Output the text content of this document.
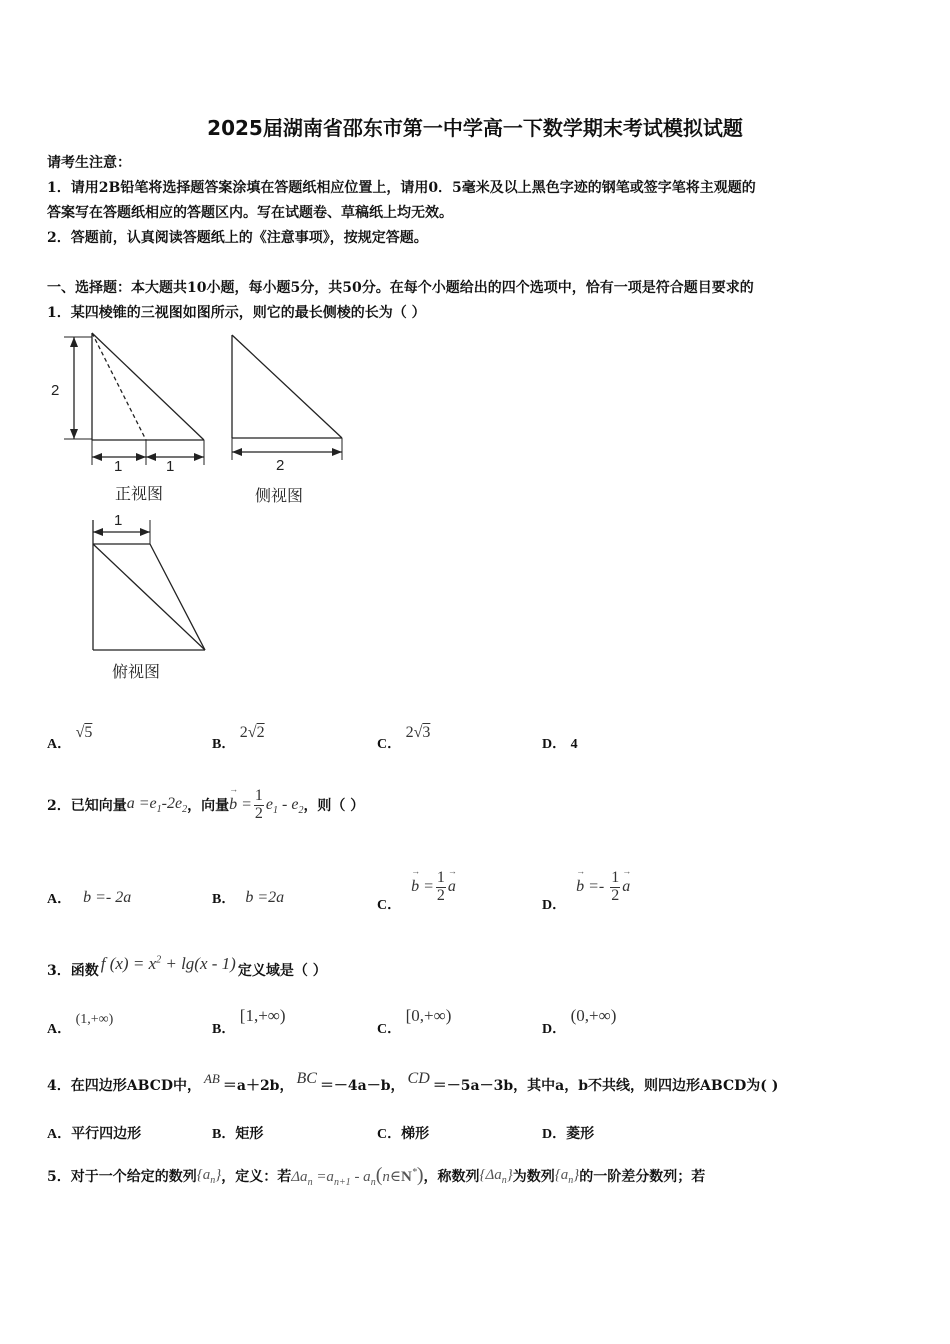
2025届湖南省邵东市第一中学高一下数学期末考试模拟试题
请考生注意：
1．请用2B铅笔将选择题答案涂填在答题纸相应位置上，请用0．5毫米及以上黑色字迹的钢笔或签字笔将主观题的
答案写在答题纸相应的答题区内。写在试题卷、草稿纸上均无效。
2．答题前，认真阅读答题纸上的《注意事项》，按规定答题。
一、选择题：本大题共10小题，每小题5分，共50分。在每个小题给出的四个选项中，恰有一项是符合题目要求的
1．某四棱锥的三视图如图所示，则它的最长侧棱的长为（ ）
2
1	1
正视图
2
侧视图
1
俯视图
A． √5
B． 2√2
C． 2√3
D． 4
2．已知向量 $a =e_1-2e_2$ ，向量 → $b = \frac{1}{2} e_1 - e_2$ ，则（ ）
A． b =- 2a	B． b =2a	C．
→ $b = \frac{1}{2} \to a$
D．
→ $b =- \frac{1}{2} \to a$
3．函数 f $(x) = x^2 + \lg(x - 1)$ 定义域是（ ）
A． (1,+∞)
B． [1,+∞)
C． [0,+∞)
D． (0,+∞)
4．在四边形ABCD中， AB ＝a＋2b， BC ＝－4a－b， CD ＝－5a－3b，其中a，b不共线，则四边形ABCD为( )
A．平行四边形	B．矩形	C．梯形	D．菱形
5．对于一个给定的数列 $\{a_n\}$ ，定义：若 $\Delta a_n =a_{n+1}$ - $a_n(n\in N^*)$ ，称数列 $\{\Delta a_n\}$ 为数列 $\{a_n\}$ 的一阶差分数列；若
